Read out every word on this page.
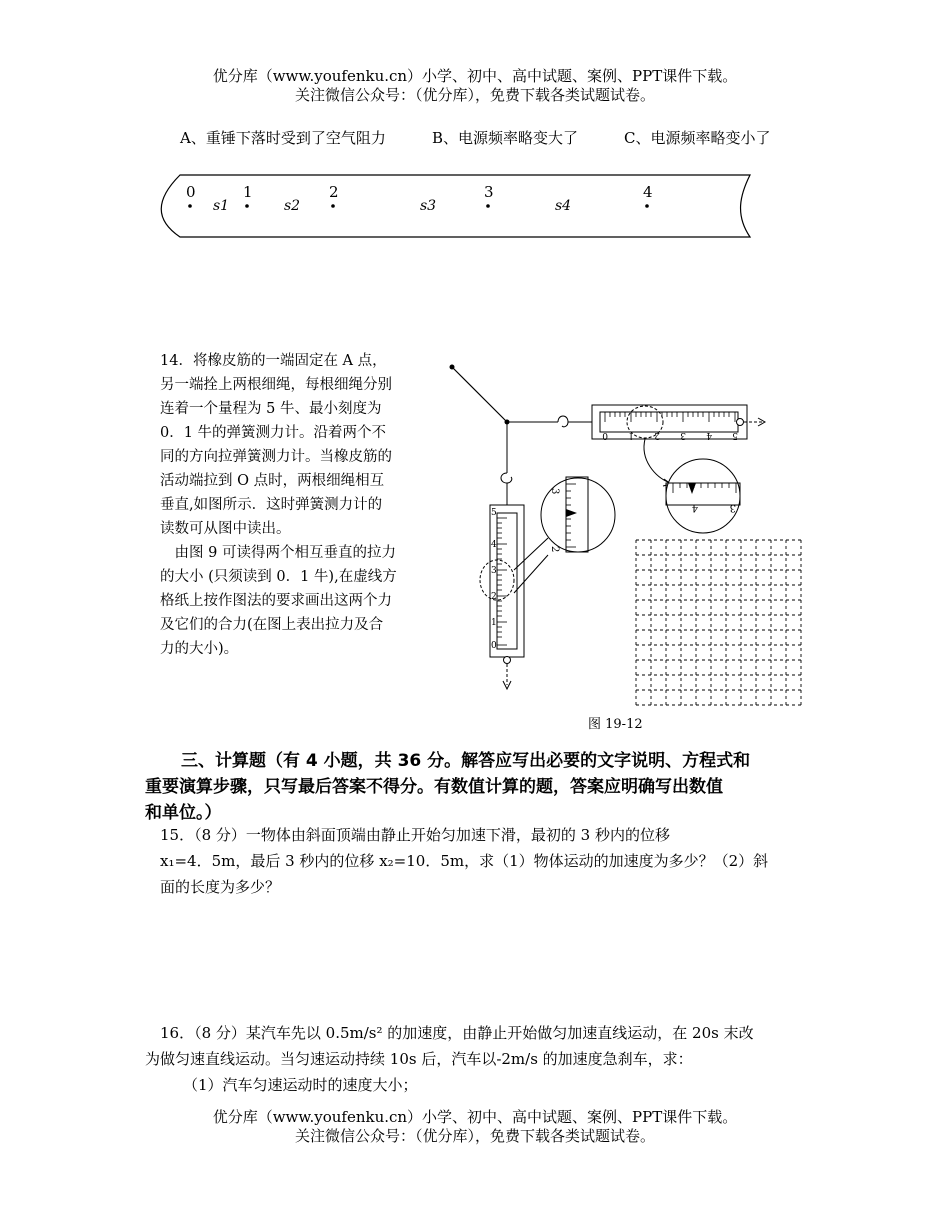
优分库（www.youfenku.cn）小学、初中、高中试题、案例、PPT课件下载。
关注微信公众号：（优分库），免费下载各类试题试卷。
A、重锤下落时受到了空气阻力	B、电源频率略变大了	C、电源频率略变小了
0	1	2	3	4
s1	s2	s3	s4
14．将橡皮筋的一端固定在 A 点，
另一端拴上两根细绳，每根细绳分别
连着一个量程为 5 牛、最小刻度为
0．1 牛的弹簧测力计。沿着两个不
同的方向拉弹簧测力计。当橡皮筋的
活动端拉到 O 点时，两根细绳相互
垂直,如图所示．这时弹簧测力计的
读数可从图中读出。
　由图 9 可读得两个相互垂直的拉力
的大小 (只须读到 0．1 牛),在虚线方
格纸上按作图法的要求画出这两个力
及它们的合力(在图上表出拉力及合
力的大小)。
0 1 2 3 4 5
4	3
5
4
3
2
1
0
3
2
图 19-12
三、计算题（有 4 小题，共 36 分。解答应写出必要的文字说明、方程式和
重要演算步骤，只写最后答案不得分。有数值计算的题，答案应明确写出数值
和单位。）
15．（8 分）一物体由斜面顶端由静止开始匀加速下滑，最初的 3 秒内的位移
x₁=4．5m，最后 3 秒内的位移 x₂=10．5m，求（1）物体运动的加速度为多少？（2）斜
面的长度为多少？
16．（8 分）某汽车先以 0.5m/s² 的加速度，由静止开始做匀加速直线运动，在 20s 末改
为做匀速直线运动。当匀速运动持续 10s 后，汽车以-2m/s 的加速度急刹车，求：
（1）汽车匀速运动时的速度大小；
优分库（www.youfenku.cn）小学、初中、高中试题、案例、PPT课件下载。
关注微信公众号：（优分库），免费下载各类试题试卷。
